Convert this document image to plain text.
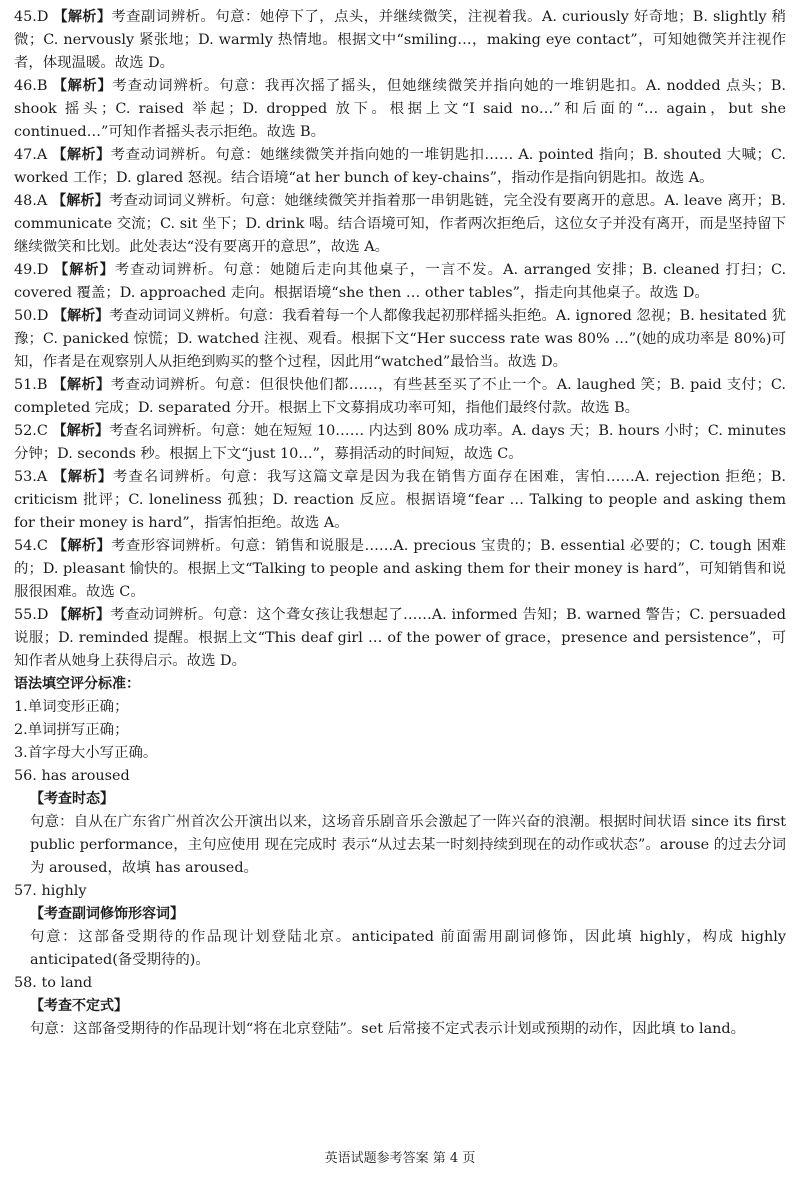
45.D 【解析】考查副词辨析。句意：她停下了，点头，并继续微笑，注视着我。A. curiously 好奇地；B. slightly 稍微；C. nervously 紧张地；D. warmly 热情地。根据文中“smiling…，making eye contact”，可知她微笑并注视作者，体现温暖。故选 D。

46.B 【解析】考查动词辨析。句意：我再次摇了摇头，但她继续微笑并指向她的一堆钥匙扣。A. nodded 点头；B. shook 摇头；C. raised 举起；D. dropped 放下。根据上文“I said no…”和后面的“… again，but she continued…”可知作者摇头表示拒绝。故选 B。

47.A 【解析】考查动词辨析。句意：她继续微笑并指向她的一堆钥匙扣…… A. pointed 指向；B. shouted 大喊；C. worked 工作；D. glared 怒视。结合语境“at her bunch of key-chains”，指动作是指向钥匙扣。故选 A。

48.A 【解析】考查动词词义辨析。句意：她继续微笑并指着那一串钥匙链，完全没有要离开的意思。A. leave 离开；B. communicate 交流；C. sit 坐下；D. drink 喝。结合语境可知，作者两次拒绝后，这位女子并没有离开，而是坚持留下继续微笑和比划。此处表达“没有要离开的意思”，故选 A。

49.D 【解析】考查动词辨析。句意：她随后走向其他桌子，一言不发。A. arranged 安排；B. cleaned 打扫；C. covered 覆盖；D. approached 走向。根据语境“she then … other tables”，指走向其他桌子。故选 D。

50.D 【解析】考查动词词义辨析。句意：我看着每一个人都像我起初那样摇头拒绝。A. ignored 忽视；B. hesitated 犹豫；C. panicked 惊慌；D. watched 注视、观看。根据下文“Her success rate was 80% …”(她的成功率是 80%)可知，作者是在观察别人从拒绝到购买的整个过程，因此用“watched”最恰当。故选 D。

51.B 【解析】考查动词辨析。句意：但很快他们都……，有些甚至买了不止一个。A. laughed 笑；B. paid 支付；C. completed 完成；D. separated 分开。根据上下文募捐成功率可知，指他们最终付款。故选 B。

52.C 【解析】考查名词辨析。句意：她在短短 10…… 内达到 80% 成功率。A. days 天；B. hours 小时；C. minutes 分钟；D. seconds 秒。根据上下文“just 10…”，募捐活动的时间短，故选 C。

53.A 【解析】考查名词辨析。句意：我写这篇文章是因为我在销售方面存在困难，害怕……A. rejection 拒绝；B. criticism 批评；C. loneliness 孤独；D. reaction 反应。根据语境“fear … Talking to people and asking them for their money is hard”，指害怕拒绝。故选 A。

54.C 【解析】考查形容词辨析。句意：销售和说服是……A. precious 宝贵的；B. essential 必要的；C. tough 困难的；D. pleasant 愉快的。根据上文“Talking to people and asking them for their money is hard”，可知销售和说服很困难。故选 C。

55.D 【解析】考查动词辨析。句意：这个聋女孩让我想起了……A. informed 告知；B. warned 警告；C. persuaded 说服；D. reminded 提醒。根据上文“This deaf girl … of the power of grace，presence and persistence”，可知作者从她身上获得启示。故选 D。

语法填空评分标准：

1.单词变形正确；

2.单词拼写正确；

3.首字母大小写正确。

56. has aroused

【考查时态】

句意：自从在广东省广州首次公开演出以来，这场音乐剧音乐会激起了一阵兴奋的浪潮。根据时间状语 since its first public performance，主句应使用 现在完成时 表示“从过去某一时刻持续到现在的动作或状态”。arouse 的过去分词为 aroused，故填 has aroused。

57. highly

【考查副词修饰形容词】

句意：这部备受期待的作品现计划登陆北京。anticipated 前面需用副词修饰，因此填 highly，构成 highly anticipated(备受期待的)。

58. to land

【考查不定式】

句意：这部备受期待的作品现计划“将在北京登陆”。set 后常接不定式表示计划或预期的动作，因此填 to land。

英语试题参考答案 第 4 页
